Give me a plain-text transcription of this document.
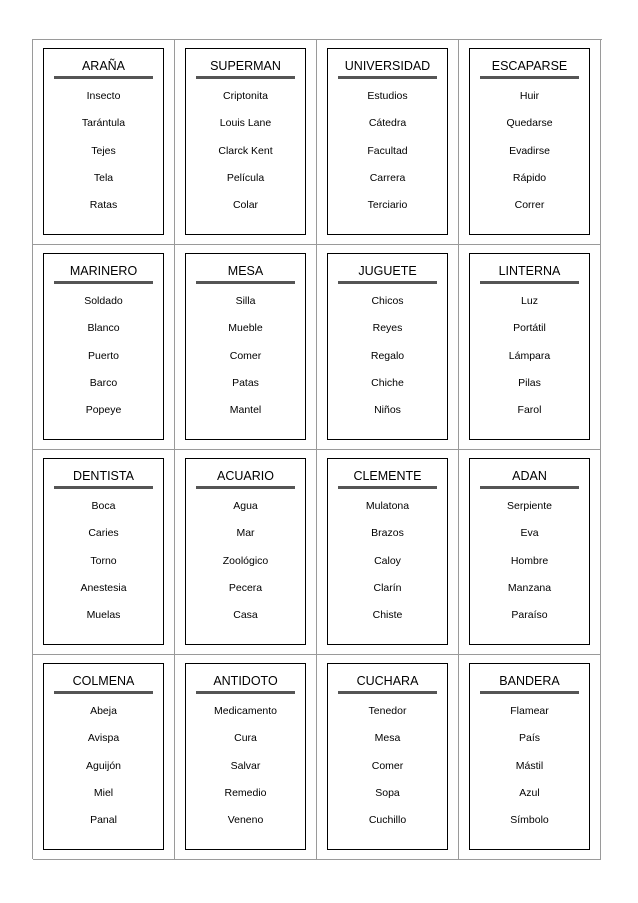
ARAÑA
Insecto
Tarántula
Tejes
Tela
Ratas
SUPERMAN
Criptonita
Louis Lane
Clarck Kent
Película
Colar
UNIVERSIDAD
Estudios
Cátedra
Facultad
Carrera
Terciario
ESCAPARSE
Huir
Quedarse
Evadirse
Rápido
Correr
MARINERO
Soldado
Blanco
Puerto
Barco
Popeye
MESA
Silla
Mueble
Comer
Patas
Mantel
JUGUETE
Chicos
Reyes
Regalo
Chiche
Niños
LINTERNA
Luz
Portátil
Lámpara
Pilas
Farol
DENTISTA
Boca
Caries
Torno
Anestesia
Muelas
ACUARIO
Agua
Mar
Zoológico
Pecera
Casa
CLEMENTE
Mulatona
Brazos
Caloy
Clarín
Chiste
ADAN
Serpiente
Eva
Hombre
Manzana
Paraíso
COLMENA
Abeja
Avispa
Aguijón
Miel
Panal
ANTIDOTO
Medicamento
Cura
Salvar
Remedio
Veneno
CUCHARA
Tenedor
Mesa
Comer
Sopa
Cuchillo
BANDERA
Flamear
País
Mástil
Azul
Símbolo
